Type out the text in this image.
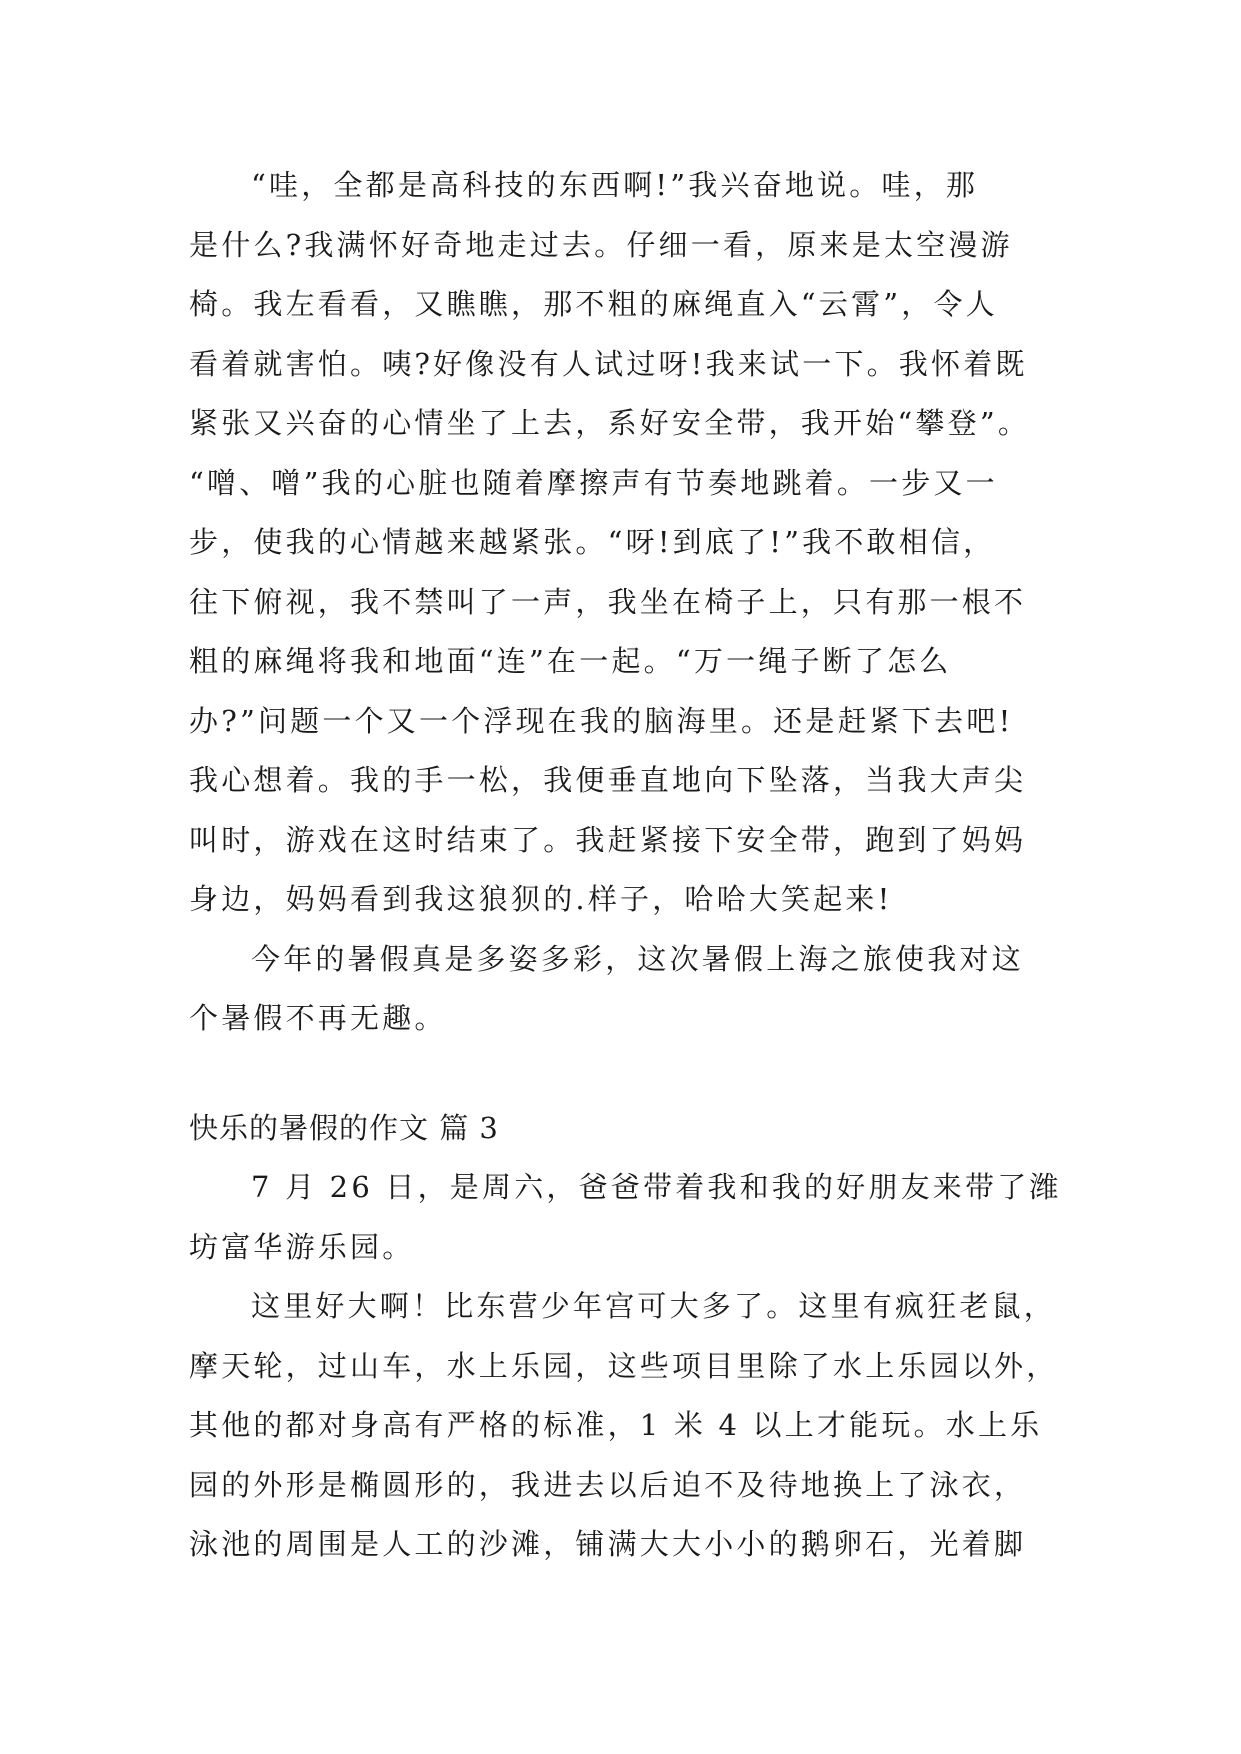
“哇，全都是高科技的东西啊!”我兴奋地说。哇，那
是什么?我满怀好奇地走过去。仔细一看，原来是太空漫游
椅。我左看看，又瞧瞧，那不粗的麻绳直入“云霄”，令人
看着就害怕。咦?好像没有人试过呀!我来试一下。我怀着既
紧张又兴奋的心情坐了上去，系好安全带，我开始“攀登”。
“噌、噌”我的心脏也随着摩擦声有节奏地跳着。一步又一
步，使我的心情越来越紧张。“呀!到底了!”我不敢相信，
往下俯视，我不禁叫了一声，我坐在椅子上，只有那一根不
粗的麻绳将我和地面“连”在一起。“万一绳子断了怎么
办?”问题一个又一个浮现在我的脑海里。还是赶紧下去吧!
我心想着。我的手一松，我便垂直地向下坠落，当我大声尖
叫时，游戏在这时结束了。我赶紧接下安全带，跑到了妈妈
身边，妈妈看到我这狼狈的.样子，哈哈大笑起来!
今年的暑假真是多姿多彩，这次暑假上海之旅使我对这
个暑假不再无趣。
快乐的暑假的作文 篇 3
7 月 26 日，是周六，爸爸带着我和我的好朋友来带了潍
坊富华游乐园。
这里好大啊！比东营少年宫可大多了。这里有疯狂老鼠，
摩天轮，过山车，水上乐园，这些项目里除了水上乐园以外，
其他的都对身高有严格的标准，1 米 4 以上才能玩。水上乐
园的外形是椭圆形的，我进去以后迫不及待地换上了泳衣，
泳池的周围是人工的沙滩，铺满大大小小的鹅卵石，光着脚
